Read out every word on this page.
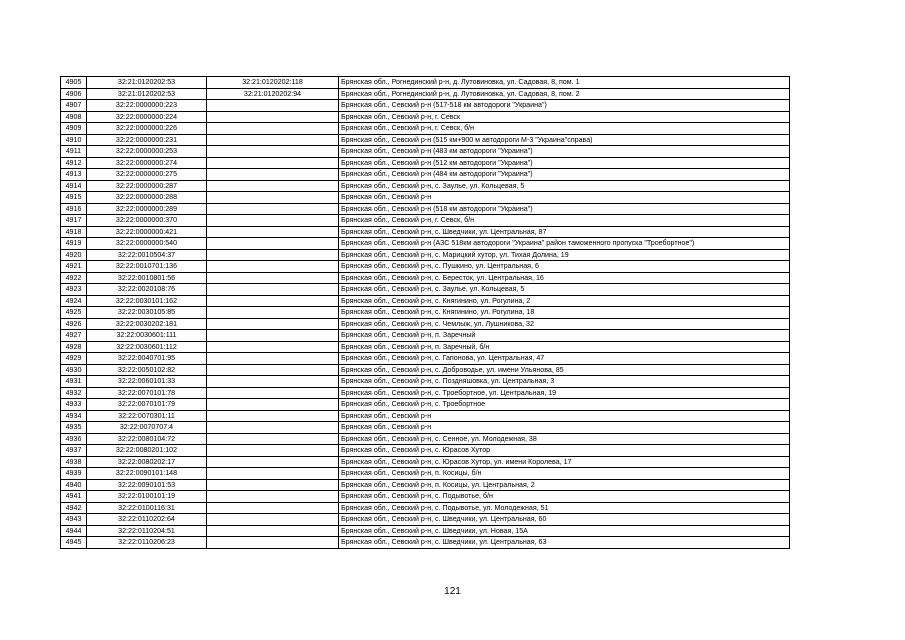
4905	32:21:0120202:53	32:21:0120202:118	Брянская обл., Рогнединский р-н, д. Лутовиновка, ул. Садовая, 8, пом. 1
4906	32:21:0120202:53	32:21:0120202:94	Брянская обл., Рогнединский р-н, д. Лутовиновка, ул. Садовая, 8, пом. 2
4907	32:22:0000000:223		Брянская обл., Севский р-н (517-518 км автодороги "Украина")
4908	32:22:0000000:224		Брянская обл., Севский р-н, г. Севск
4909	32:22:0000000:226		Брянская обл., Севский р-н, г. Севск, б/н
4910	32:22:0000000:231		Брянская обл., Севский р-н (515 км+900 м автодороги М-3 "Украина"справа)
4911	32:22:0000000:253		Брянская обл., Севский р-н (483 км автодороги "Украина")
4912	32:22:0000000:274		Брянская обл., Севский р-н (512 км автодороги "Украина")
4913	32:22:0000000:275		Брянская обл., Севский р-н (484 км автодороги "Украина")
4914	32:22:0000000:287		Брянская обл., Севский р-н, с. Заулье, ул. Кольцевая, 5
4915	32:22:0000000:288		Брянская обл., Севский р-н
4916	32:22:0000000:289		Брянская обл., Севский р-н (518 км автодороги "Украина")
4917	32:22:0000000:370		Брянская обл., Севский р-н, г. Севск, б/н
4918	32:22:0000000:421		Брянская обл., Севский р-н, с. Шведчики, ул. Центральная, 87
4919	32:22:0000000:540		Брянская обл., Севский р-н (АЗС 518км автодороги "Украина" район таможенного пропуска "Троебортное")
4920	32:22:0010504:37		Брянская обл., Севский р-н, с. Марицкий хутор, ул. Тихая Долина, 19
4921	32:22:0010701:136		Брянская обл., Севский р-н, с. Пушкино, ул. Центральная, 6
4922	32:22:0010801:56		Брянская обл., Севский р-н, с. Бересток, ул. Центральная, 16
4923	32:22:0020108:76		Брянская обл., Севский р-н, с. Заулье, ул. Кольцевая, 5
4924	32:22:0030101:162		Брянская обл., Севский р-н, с. Княгинино, ул. Рогулина, 2
4925	32:22:0030105:85		Брянская обл., Севский р-н, с. Княгинино, ул. Рогулина, 18
4926	32:22:0030202:181		Брянская обл., Севский р-н, с. Чемлыж, ул. Лушникова, 32
4927	32:22:0030601:111		Брянская обл., Севский р-н, п. Заречный
4928	32:22:0030601:112		Брянская обл., Севский р-н, п. Заречный, б/н
4929	32:22:0040701:95		Брянская обл., Севский р-н, с. Гапонова, ул. Центральная, 47
4930	32:22:0050102:82		Брянская обл., Севский р-н, с. Доброводье, ул. имени Ульянова, 85
4931	32:22:0060101:33		Брянская обл., Севский р-н, с. Поздняшовка, ул. Центральная, 3
4932	32:22:0070101:78		Брянская обл., Севский р-н, с. Троебортное, ул. Центральная, 19
4933	32:22:0070101:79		Брянская обл., Севский р-н, с. Троебортное
4934	32:22:0070301:11		Брянская обл., Севский р-н
4935	32:22:0070707:4		Брянская обл., Севский р-н
4936	32:22:0080104:72		Брянская обл., Севский р-н, с. Сенное, ул. Молодежная, 38
4937	32:22:0080201:102		Брянская обл., Севский р-н, с. Юрасов Хутор
4938	32:22:0080202:17		Брянская обл., Севский р-н, с. Юрасов Хутор, ул. имени Королева, 17
4939	32:22:0090101:148		Брянская обл., Севский р-н, п. Косицы, б/н
4940	32:22:0090101:53		Брянская обл., Севский р-н, п. Косицы, ул. Центральная, 2
4941	32:22:0100101:19		Брянская обл., Севский р-н, с. Подывотье, б/н
4942	32:22:0100116:31		Брянская обл., Севский р-н, с. Подывотье, ул. Молодежная, 51
4943	32:22:0110202:64		Брянская обл., Севский р-н, с. Шведчики, ул. Центральная, 60
4944	32:22:0110204:51		Брянская обл., Севский р-н, с. Шведчики, ул. Новая, 15А
4945	32:22:0110206:23		Брянская обл., Севский р-н, с. Шведчики, ул. Центральная, 63
121
